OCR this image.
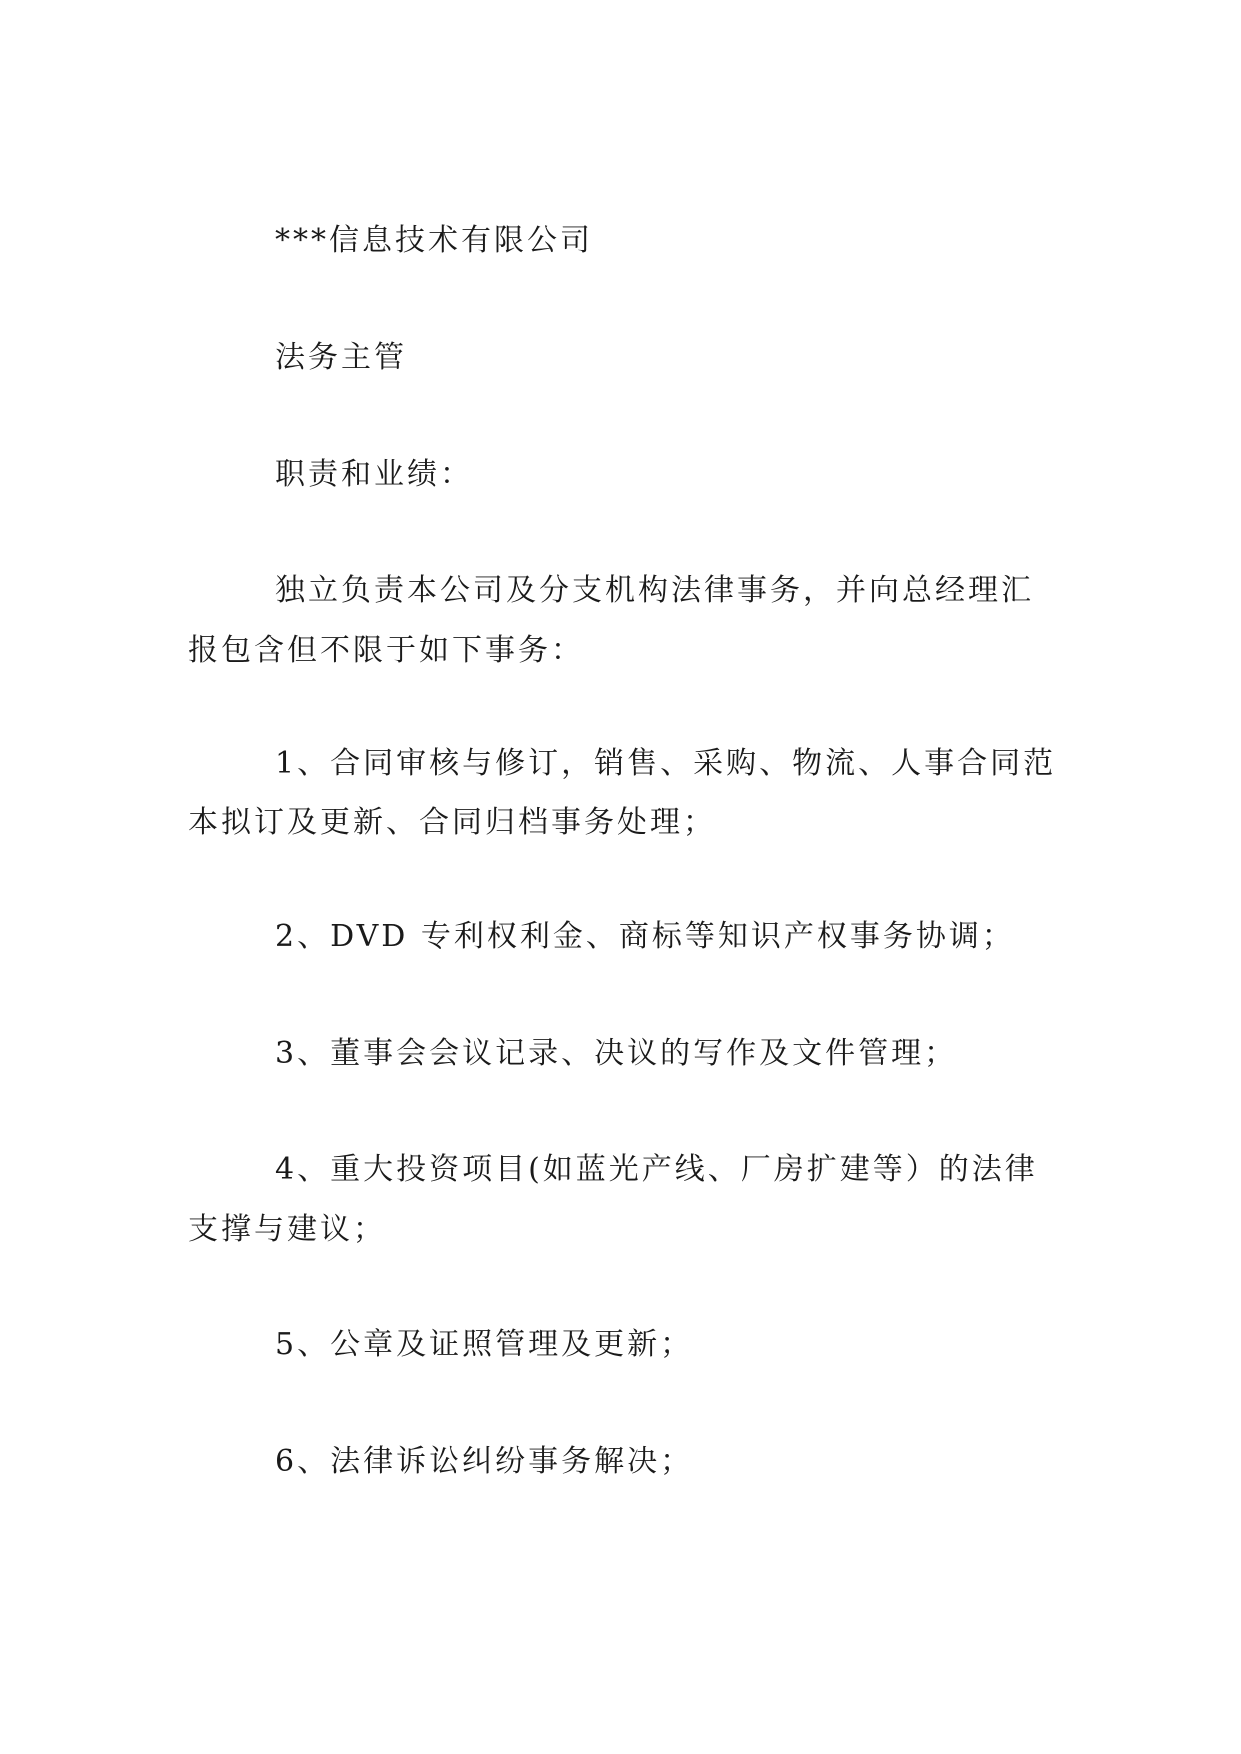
***信息技术有限公司
法务主管
职责和业绩：
独立负责本公司及分支机构法律事务，并向总经理汇
报包含但不限于如下事务：
1、合同审核与修订，销售、采购、物流、人事合同范
本拟订及更新、合同归档事务处理；
2、DVD 专利权利金、商标等知识产权事务协调；
3、董事会会议记录、决议的写作及文件管理；
4、重大投资项目(如蓝光产线、厂房扩建等）的法律
支撑与建议；
5、公章及证照管理及更新；
6、法律诉讼纠纷事务解决；
